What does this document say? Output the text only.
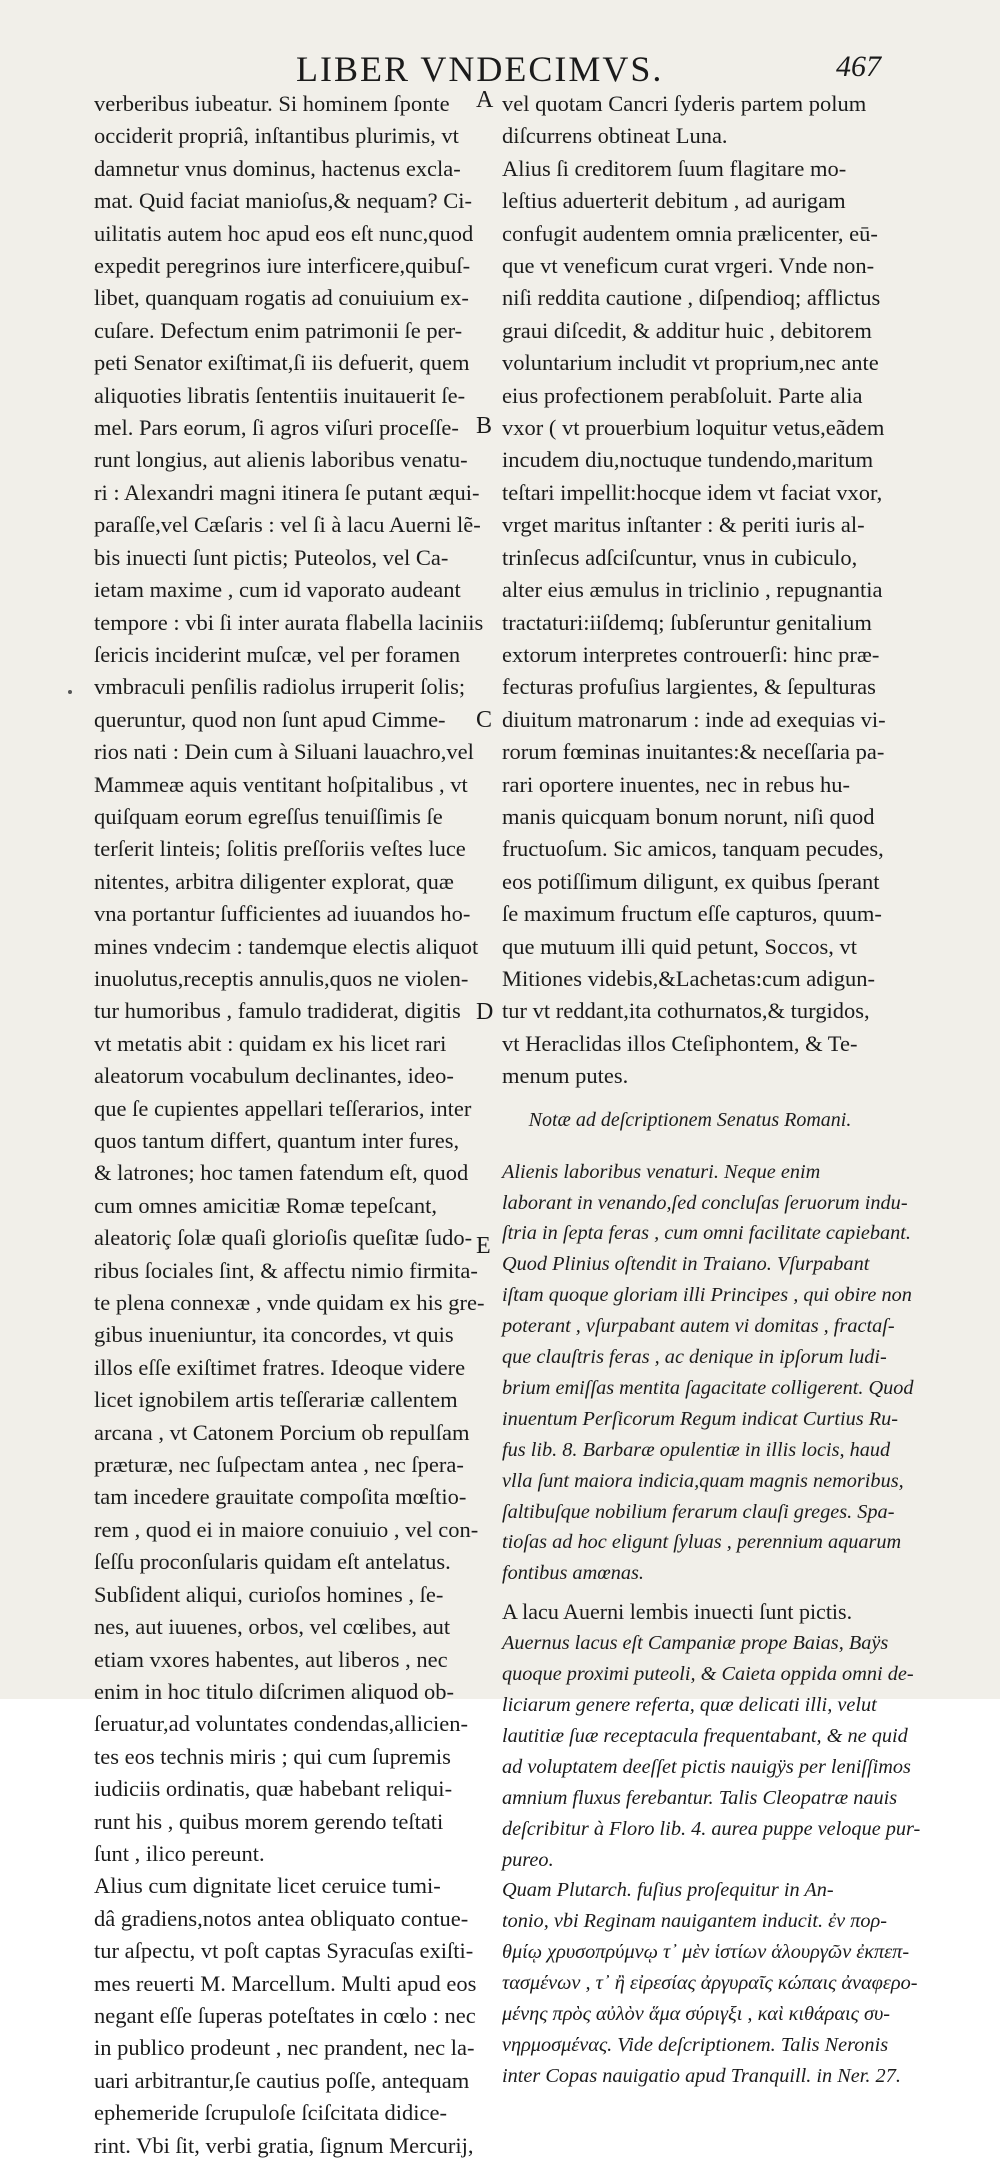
LIBER VNDECIMVS.	467
verberibus iubeatur. Si hominem ſponte
occiderit propriâ, inſtantibus plurimis, vt
damnetur vnus dominus, hactenus excla-
mat. Quid faciat manioſus,& nequam? Ci-
uilitatis autem hoc apud eos eſt nunc,quod
expedit peregrinos iure interficere,quibuſ-
libet, quanquam rogatis ad conuiuium ex-
cuſare. Defectum enim patrimonii ſe per-
peti Senator exiſtimat,ſi iis defuerit, quem
aliquoties libratis ſententiis inuitauerit ſe-
mel. Pars eorum, ſi agros viſuri proceſſe-
runt longius, aut alienis laboribus venatu-
ri : Alexandri magni itinera ſe putant æqui-
paraſſe,vel Cæſaris : vel ſi à lacu Auerni lẽ-
bis inuecti ſunt pictis; Puteolos, vel Ca-
ietam maxime , cum id vaporato audeant
tempore : vbi ſi inter aurata flabella laciniis
ſericis inciderint muſcæ, vel per foramen
vmbraculi penſilis radiolus irruperit ſolis;
queruntur, quod non ſunt apud Cimme-
rios nati : Dein cum à Siluani lauachro,vel
Mammeæ aquis ventitant hoſpitalibus , vt
quiſquam eorum egreſſus tenuiſſimis ſe
terſerit linteis; ſolitis preſſoriis veſtes luce
nitentes, arbitra diligenter explorat, quæ
vna portantur ſufficientes ad iuuandos ho-
mines vndecim : tandemque electis aliquot
inuolutus,receptis annulis,quos ne violen-
tur humoribus , famulo tradiderat, digitis
vt metatis abit : quidam ex his licet rari
aleatorum vocabulum declinantes, ideo-
que ſe cupientes appellari teſſerarios, inter
quos tantum differt, quantum inter fures,
& latrones; hoc tamen fatendum eſt, quod
cum omnes amicitiæ Romæ tepeſcant,
aleatoriç ſolæ quaſi glorioſis queſitæ ſudo-
ribus ſociales ſint, & affectu nimio firmita-
te plena connexæ , vnde quidam ex his gre-
gibus inueniuntur, ita concordes, vt quis
illos eſſe exiſtimet fratres. Ideoque videre
licet ignobilem artis teſſerariæ callentem
arcana , vt Catonem Porcium ob repulſam
præturæ, nec ſuſpectam antea , nec ſpera-
tam incedere grauitate compoſita mœſtio-
rem , quod ei in maiore conuiuio , vel con-
ſeſſu proconſularis quidam eſt antelatus.
Subſident aliqui, curioſos homines , ſe-
nes, aut iuuenes, orbos, vel cœlibes, aut
etiam vxores habentes, aut liberos , nec
enim in hoc titulo diſcrimen aliquod ob-
ſeruatur,ad voluntates condendas,allicien-
tes eos technis miris ; qui cum ſupremis
iudiciis ordinatis, quæ habebant reliqui-
runt his , quibus morem gerendo teſtati
ſunt , ilico pereunt.
Alius cum dignitate licet ceruice tumi-
dâ gradiens,notos antea obliquato contue-
tur aſpectu, vt poſt captas Syracuſas exiſti-
mes reuerti M. Marcellum. Multi apud eos
negant eſſe ſuperas poteſtates in cœlo : nec
in publico prodeunt , nec prandent, nec la-
uari arbitrantur,ſe cautius poſſe, antequam
ephemeride ſcrupuloſe ſciſcitata didice-
rint. Vbi ſit, verbi gratia, ſignum Mercurij,
vel quotam Cancri ſyderis partem polum
diſcurrens obtineat Luna.
Alius ſi creditorem ſuum flagitare mo-
leſtius aduerterit debitum , ad aurigam
confugit audentem omnia prælicenter, eū-
que vt veneficum curat vrgeri. Vnde non-
niſi reddita cautione , diſpendioq; afflictus
graui diſcedit, & additur huic , debitorem
voluntarium includit vt proprium,nec ante
eius profectionem perabſoluit. Parte alia
vxor ( vt prouerbium loquitur vetus,eãdem
incudem diu,noctuque tundendo,maritum
teſtari impellit:hocque idem vt faciat vxor,
vrget maritus inſtanter : & periti iuris al-
trinſecus adſciſcuntur, vnus in cubiculo,
alter eius æmulus in triclinio , repugnantia
tractaturi:iiſdemq; ſubſeruntur genitalium
extorum interpretes controuerſi: hinc præ-
fecturas profuſius largientes, & ſepulturas
diuitum matronarum : inde ad exequias vi-
rorum fœminas inuitantes:& neceſſaria pa-
rari oportere inuentes, nec in rebus hu-
manis quicquam bonum norunt, niſi quod
fructuoſum. Sic amicos, tanquam pecudes,
eos potiſſimum diligunt, ex quibus ſperant
ſe maximum fructum eſſe capturos, quum-
que mutuum illi quid petunt, Soccos, vt
Mitiones videbis,&Lachetas:cum adigun-
tur vt reddant,ita cothurnatos,& turgidos,
vt Heraclidas illos Cteſiphontem, & Te-
menum putes.
Notæ ad deſcriptionem Senatus Romani.
Alienis laboribus venaturi. Neque enim
laborant in venando,ſed concluſas ſeruorum indu-
ſtria in ſepta feras , cum omni facilitate capiebant.
Quod Plinius oſtendit in Traiano. Vſurpabant
iſtam quoque gloriam illi Principes , qui obire non
poterant , vſurpabant autem vi domitas , fractaſ-
que clauſtris feras , ac denique in ipſorum ludi-
brium emiſſas mentita ſagacitate colligerent. Quod
inuentum Perſicorum Regum indicat Curtius Ru-
fus lib. 8. Barbaræ opulentiæ in illis locis, haud
vlla ſunt maiora indicia,quam magnis nemoribus,
ſaltibuſque nobilium ferarum clauſi greges. Spa-
tioſas ad hoc eligunt ſyluas , perennium aquarum
fontibus amœnas.
A lacu Auerni lembis inuecti ſunt pictis.
Auernus lacus eſt Campaniæ prope Baias, Baÿs
quoque proximi puteoli, & Caieta oppida omni de-
liciarum genere referta, quæ delicati illi, velut
lautitiæ ſuæ receptacula frequentabant, & ne quid
ad voluptatem deeſſet pictis nauigÿs per leniſſimos
amnium fluxus ferebantur. Talis Cleopatræ nauis
deſcribitur à Floro lib. 4. aurea puppe veloque pur-
pureo.
Quam Plutarch. fuſius proſequitur in An-
tonio, vbi Reginam nauigantem inducit. ἐν πορ-
θμίῳ χρυσοπρύμνῳ τ᾽ μὲν ἱστίων ἁλουργῶν ἐκπεπ-
τασμένων , τ᾽ ἢ εἰρεσίας ἀργυραῖς κώπαις ἀναφερο-
μένης πρὸς αὐλὸν ἅμα σύριγξι , καὶ κιθάραις συ-
νηρμοσμένας. Vide deſcriptionem. Talis Neronis
inter Copas nauigatio apud Tranquill. in Ner. 27.
A
B
C
D
E
